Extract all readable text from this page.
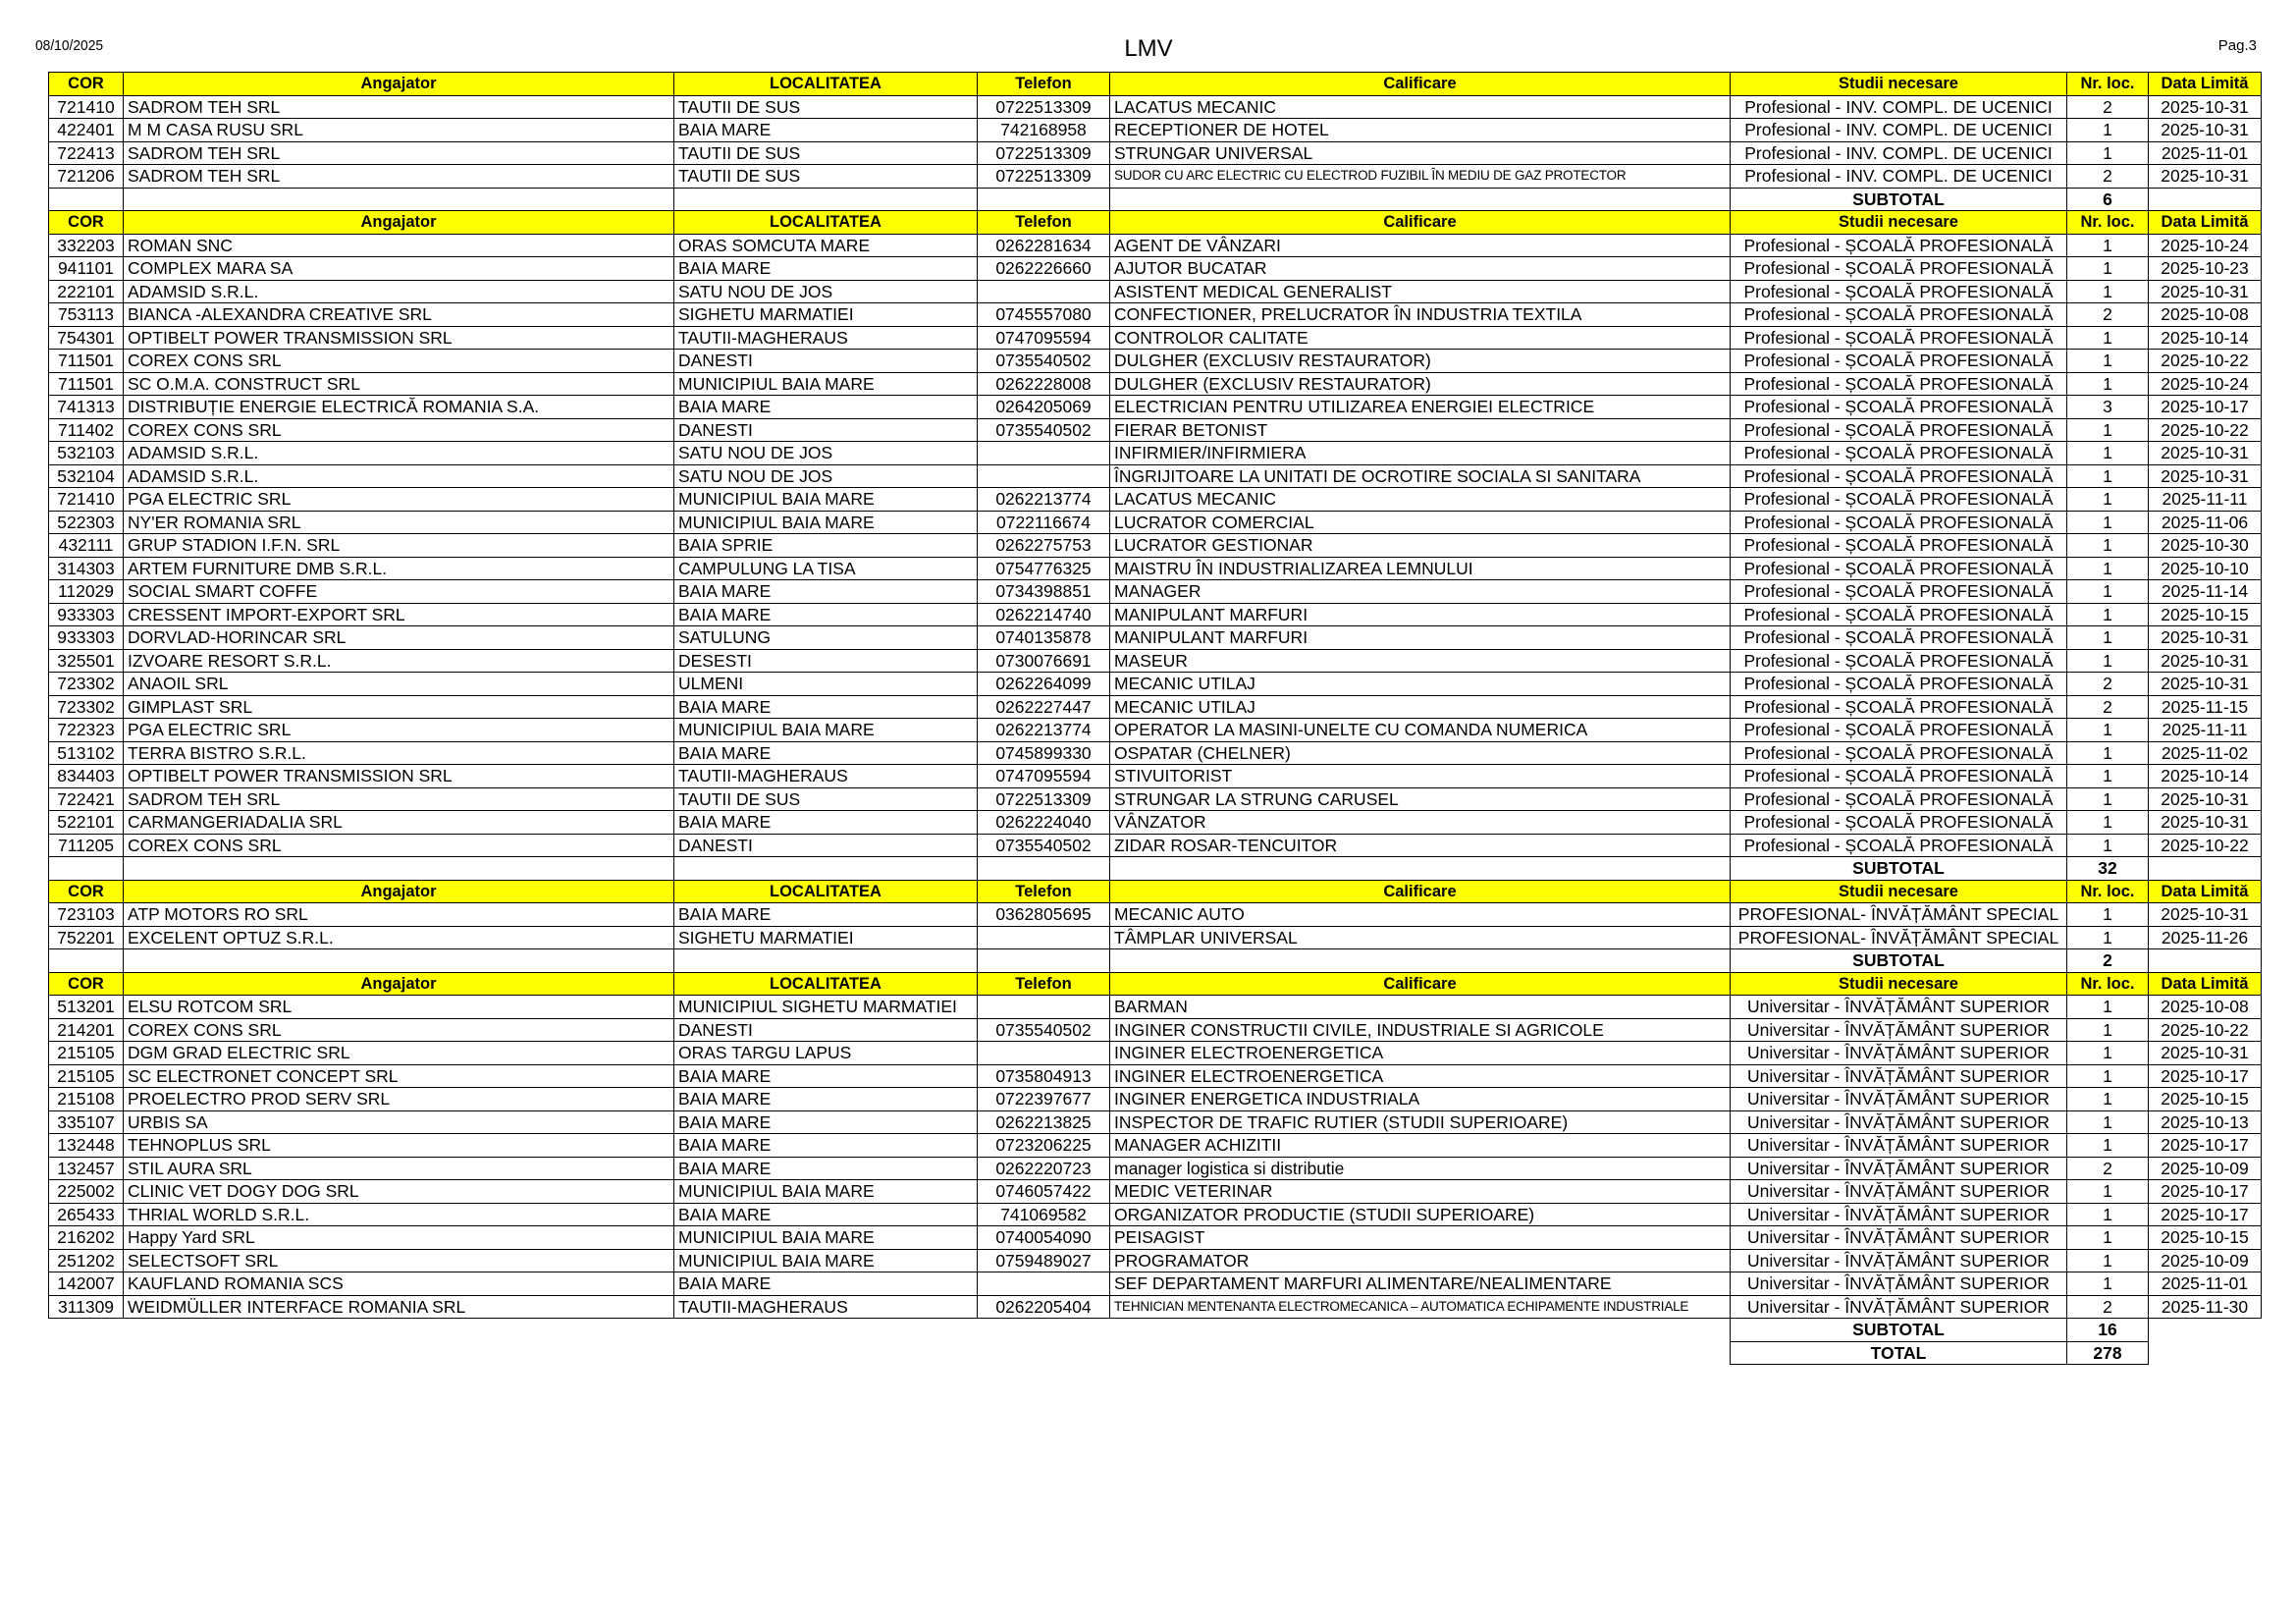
08/10/2025	LMV	Pag.3
COR	Angajator	LOCALITATEA	Telefon	Calificare	Studii necesare	Nr. loc.	Data Limită
721410	SADROM TEH SRL	TAUTII DE SUS	0722513309	LACATUS MECANIC	Profesional - INV. COMPL. DE UCENICI	2	2025-10-31
422401	M M CASA RUSU SRL	BAIA MARE	742168958	RECEPTIONER DE HOTEL	Profesional - INV. COMPL. DE UCENICI	1	2025-10-31
722413	SADROM TEH SRL	TAUTII DE SUS	0722513309	STRUNGAR UNIVERSAL	Profesional - INV. COMPL. DE UCENICI	1	2025-11-01
721206	SADROM TEH SRL	TAUTII DE SUS	0722513309	SUDOR CU ARC ELECTRIC CU ELECTROD FUZIBIL ÎN MEDIU DE GAZ PROTECTOR	Profesional - INV. COMPL. DE UCENICI	2	2025-10-31
					SUBTOTAL	6	
COR	Angajator	LOCALITATEA	Telefon	Calificare	Studii necesare	Nr. loc.	Data Limită
332203	ROMAN SNC	ORAS SOMCUTA MARE	0262281634	AGENT DE VÂNZARI	Profesional - ȘCOALĂ PROFESIONALĂ	1	2025-10-24
941101	COMPLEX MARA SA	BAIA MARE	0262226660	AJUTOR BUCATAR	Profesional - ȘCOALĂ PROFESIONALĂ	1	2025-10-23
222101	ADAMSID S.R.L.	SATU NOU DE JOS		ASISTENT MEDICAL GENERALIST	Profesional - ȘCOALĂ PROFESIONALĂ	1	2025-10-31
753113	BIANCA -ALEXANDRA CREATIVE SRL	SIGHETU MARMATIEI	0745557080	CONFECTIONER, PRELUCRATOR ÎN INDUSTRIA TEXTILA	Profesional - ȘCOALĂ PROFESIONALĂ	2	2025-10-08
754301	OPTIBELT POWER TRANSMISSION SRL	TAUTII-MAGHERAUS	0747095594	CONTROLOR CALITATE	Profesional - ȘCOALĂ PROFESIONALĂ	1	2025-10-14
711501	COREX CONS SRL	DANESTI	0735540502	DULGHER (EXCLUSIV RESTAURATOR)	Profesional - ȘCOALĂ PROFESIONALĂ	1	2025-10-22
711501	SC O.M.A. CONSTRUCT SRL	MUNICIPIUL BAIA MARE	0262228008	DULGHER (EXCLUSIV RESTAURATOR)	Profesional - ȘCOALĂ PROFESIONALĂ	1	2025-10-24
741313	DISTRIBUȚIE ENERGIE ELECTRICĂ ROMANIA S.A.	BAIA MARE	0264205069	ELECTRICIAN PENTRU UTILIZAREA ENERGIEI ELECTRICE	Profesional - ȘCOALĂ PROFESIONALĂ	3	2025-10-17
711402	COREX CONS SRL	DANESTI	0735540502	FIERAR BETONIST	Profesional - ȘCOALĂ PROFESIONALĂ	1	2025-10-22
532103	ADAMSID S.R.L.	SATU NOU DE JOS		INFIRMIER/INFIRMIERA	Profesional - ȘCOALĂ PROFESIONALĂ	1	2025-10-31
532104	ADAMSID S.R.L.	SATU NOU DE JOS		ÎNGRIJITOARE LA UNITATI DE OCROTIRE SOCIALA SI SANITARA	Profesional - ȘCOALĂ PROFESIONALĂ	1	2025-10-31
721410	PGA ELECTRIC SRL	MUNICIPIUL BAIA MARE	0262213774	LACATUS MECANIC	Profesional - ȘCOALĂ PROFESIONALĂ	1	2025-11-11
522303	NY'ER ROMANIA SRL	MUNICIPIUL BAIA MARE	0722116674	LUCRATOR COMERCIAL	Profesional - ȘCOALĂ PROFESIONALĂ	1	2025-11-06
432111	GRUP STADION I.F.N. SRL	BAIA SPRIE	0262275753	LUCRATOR GESTIONAR	Profesional - ȘCOALĂ PROFESIONALĂ	1	2025-10-30
314303	ARTEM FURNITURE DMB S.R.L.	CAMPULUNG LA TISA	0754776325	MAISTRU ÎN INDUSTRIALIZAREA LEMNULUI	Profesional - ȘCOALĂ PROFESIONALĂ	1	2025-10-10
112029	SOCIAL SMART COFFE	BAIA MARE	0734398851	MANAGER	Profesional - ȘCOALĂ PROFESIONALĂ	1	2025-11-14
933303	CRESSENT IMPORT-EXPORT SRL	BAIA MARE	0262214740	MANIPULANT MARFURI	Profesional - ȘCOALĂ PROFESIONALĂ	1	2025-10-15
933303	DORVLAD-HORINCAR SRL	SATULUNG	0740135878	MANIPULANT MARFURI	Profesional - ȘCOALĂ PROFESIONALĂ	1	2025-10-31
325501	IZVOARE RESORT S.R.L.	DESESTI	0730076691	MASEUR	Profesional - ȘCOALĂ PROFESIONALĂ	1	2025-10-31
723302	ANAOIL SRL	ULMENI	0262264099	MECANIC UTILAJ	Profesional - ȘCOALĂ PROFESIONALĂ	2	2025-10-31
723302	GIMPLAST SRL	BAIA MARE	0262227447	MECANIC UTILAJ	Profesional - ȘCOALĂ PROFESIONALĂ	2	2025-11-15
722323	PGA ELECTRIC SRL	MUNICIPIUL BAIA MARE	0262213774	OPERATOR LA MASINI-UNELTE CU COMANDA NUMERICA	Profesional - ȘCOALĂ PROFESIONALĂ	1	2025-11-11
513102	TERRA BISTRO S.R.L.	BAIA MARE	0745899330	OSPATAR (CHELNER)	Profesional - ȘCOALĂ PROFESIONALĂ	1	2025-11-02
834403	OPTIBELT POWER TRANSMISSION SRL	TAUTII-MAGHERAUS	0747095594	STIVUITORIST	Profesional - ȘCOALĂ PROFESIONALĂ	1	2025-10-14
722421	SADROM TEH SRL	TAUTII DE SUS	0722513309	STRUNGAR LA STRUNG CARUSEL	Profesional - ȘCOALĂ PROFESIONALĂ	1	2025-10-31
522101	CARMANGERIADALIA SRL	BAIA MARE	0262224040	VÂNZATOR	Profesional - ȘCOALĂ PROFESIONALĂ	1	2025-10-31
711205	COREX CONS SRL	DANESTI	0735540502	ZIDAR ROSAR-TENCUITOR	Profesional - ȘCOALĂ PROFESIONALĂ	1	2025-10-22
					SUBTOTAL	32	
COR	Angajator	LOCALITATEA	Telefon	Calificare	Studii necesare	Nr. loc.	Data Limită
723103	ATP MOTORS RO SRL	BAIA MARE	0362805695	MECANIC AUTO	PROFESIONAL- ÎNVĂȚĂMÂNT SPECIAL	1	2025-10-31
752201	EXCELENT OPTUZ S.R.L.	SIGHETU MARMATIEI		TÂMPLAR UNIVERSAL	PROFESIONAL- ÎNVĂȚĂMÂNT SPECIAL	1	2025-11-26
					SUBTOTAL	2	
COR	Angajator	LOCALITATEA	Telefon	Calificare	Studii necesare	Nr. loc.	Data Limită
513201	ELSU ROTCOM SRL	MUNICIPIUL SIGHETU MARMATIEI		BARMAN	Universitar - ÎNVĂȚĂMÂNT SUPERIOR	1	2025-10-08
214201	COREX CONS SRL	DANESTI	0735540502	INGINER CONSTRUCTII CIVILE, INDUSTRIALE SI AGRICOLE	Universitar - ÎNVĂȚĂMÂNT SUPERIOR	1	2025-10-22
215105	DGM GRAD ELECTRIC SRL	ORAS TARGU LAPUS		INGINER ELECTROENERGETICA	Universitar - ÎNVĂȚĂMÂNT SUPERIOR	1	2025-10-31
215105	SC ELECTRONET CONCEPT SRL	BAIA MARE	0735804913	INGINER ELECTROENERGETICA	Universitar - ÎNVĂȚĂMÂNT SUPERIOR	1	2025-10-17
215108	PROELECTRO PROD SERV SRL	BAIA MARE	0722397677	INGINER ENERGETICA INDUSTRIALA	Universitar - ÎNVĂȚĂMÂNT SUPERIOR	1	2025-10-15
335107	URBIS SA	BAIA MARE	0262213825	INSPECTOR DE TRAFIC RUTIER (STUDII SUPERIOARE)	Universitar - ÎNVĂȚĂMÂNT SUPERIOR	1	2025-10-13
132448	TEHNOPLUS SRL	BAIA MARE	0723206225	MANAGER ACHIZITII	Universitar - ÎNVĂȚĂMÂNT SUPERIOR	1	2025-10-17
132457	STIL AURA SRL	BAIA MARE	0262220723	manager logistica si distributie	Universitar - ÎNVĂȚĂMÂNT SUPERIOR	2	2025-10-09
225002	CLINIC VET DOGY DOG SRL	MUNICIPIUL BAIA MARE	0746057422	MEDIC VETERINAR	Universitar - ÎNVĂȚĂMÂNT SUPERIOR	1	2025-10-17
265433	THRIAL WORLD S.R.L.	BAIA MARE	741069582	ORGANIZATOR PRODUCTIE (STUDII SUPERIOARE)	Universitar - ÎNVĂȚĂMÂNT SUPERIOR	1	2025-10-17
216202	Happy Yard SRL	MUNICIPIUL BAIA MARE	0740054090	PEISAGIST	Universitar - ÎNVĂȚĂMÂNT SUPERIOR	1	2025-10-15
251202	SELECTSOFT SRL	MUNICIPIUL BAIA MARE	0759489027	PROGRAMATOR	Universitar - ÎNVĂȚĂMÂNT SUPERIOR	1	2025-10-09
142007	KAUFLAND ROMANIA SCS	BAIA MARE		SEF DEPARTAMENT MARFURI ALIMENTARE/NEALIMENTARE	Universitar - ÎNVĂȚĂMÂNT SUPERIOR	1	2025-11-01
311309	WEIDMÜLLER INTERFACE ROMANIA SRL	TAUTII-MAGHERAUS	0262205404	TEHNICIAN MENTENANTA ELECTROMECANICA – AUTOMATICA ECHIPAMENTE INDUSTRIALE	Universitar - ÎNVĂȚĂMÂNT SUPERIOR	2	2025-11-30
					SUBTOTAL	16	
					TOTAL	278	
